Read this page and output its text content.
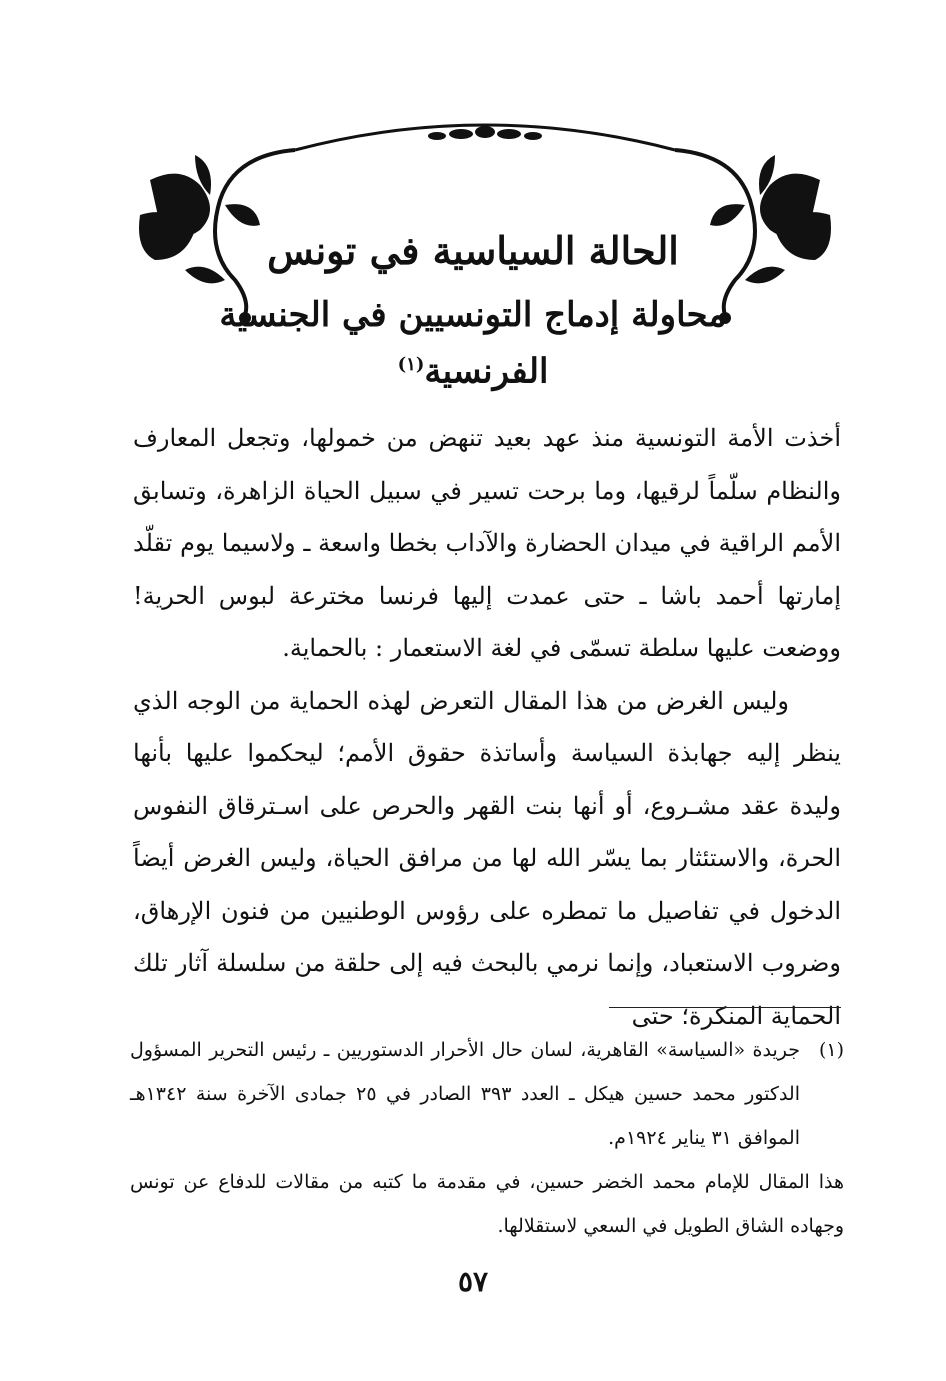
الحالة السياسية في تونس
محاولة إدماج التونسيين في الجنسية الفرنسية$^{(١)}$

أخذت الأمة التونسية منذ عهد بعيد تنهض من خمولها، وتجعل المعارف والنظام سلّماً لرقيها، وما برحت تسير في سبيل الحياة الزاهرة، وتسابق الأمم الراقية في ميدان الحضارة والآداب بخطا واسعة ـ ولاسيما يوم تقلّد إمارتها أحمد باشا ـ حتى عمدت إليها فرنسا مخترعة لبوس الحرية! ووضعت عليها سلطة تسمّى في لغة الاستعمار : بالحماية.

وليس الغرض من هذا المقال التعرض لهذه الحماية من الوجه الذي ينظر إليه جهابذة السياسة وأساتذة حقوق الأمم؛ ليحكموا عليها بأنها وليدة عقد مشـروع، أو أنها بنت القهر والحرص على اسـترقاق النفوس الحرة، والاستئثار بما يسّر الله لها من مرافق الحياة، وليس الغرض أيضاً الدخول في تفاصيل ما تمطره على رؤوس الوطنيين من فنون الإرهاق، وضروب الاستعباد، وإنما نرمي بالبحث فيه إلى حلقة من سلسلة آثار تلك الحماية المنكرة؛ حتى

(١)
جريدة «السياسة» القاهرية، لسان حال الأحرار الدستوريين ـ رئيس التحرير المسؤول الدكتور محمد حسين هيكل ـ العدد ٣٩٣ الصادر في ٢٥ جمادى الآخرة سنة ١٣٤٢هـ الموافق ٣١ يناير ١٩٢٤م.

هذا المقال للإمام محمد الخضر حسين، في مقدمة ما كتبه من مقالات للدفاع عن تونس وجهاده الشاق الطويل في السعي لاستقلالها.

٥٧
